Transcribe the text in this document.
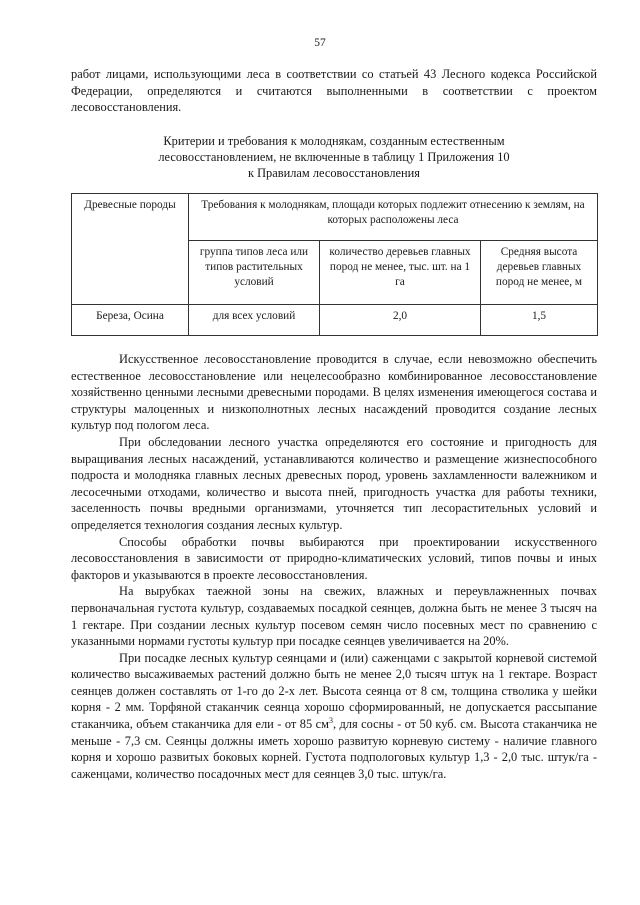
57

работ лицами, использующими леса в соответствии со статьей 43 Лесного кодекса Российской Федерации, определяются и считаются выполненными в соответствии с проектом лесовосстановления.

Критерии и требования к молоднякам, созданным естественным
лесовосстановлением, не включенные в таблицу 1 Приложения 10
к Правилам лесовосстановления
Древесные породы	Требования к молоднякам, площади которых подлежит отнесению к землям, на которых расположены леса		
	группа типов леса или типов растительных условий	количество деревьев главных пород не менее, тыс. шт. на 1 га	Средняя высота деревьев главных пород не менее, м
Береза, Осина	для всех условий	2,0	1,5

Искусственное лесовосстановление проводится в случае, если невозможно обеспечить естественное лесовосстановление или нецелесообразно комбинированное лесовосстановление хозяйственно ценными лесными древесными породами. В целях изменения имеющегося состава и структуры малоценных и низкополнотных лесных насаждений проводится создание лесных культур под пологом леса.

При обследовании лесного участка определяются его состояние и пригодность для выращивания лесных насаждений, устанавливаются количество и размещение жизнеспособного подроста и молодняка главных лесных древесных пород, уровень захламленности валежником и лесосечными отходами, количество и высота пней, пригодность участка для работы техники, заселенность почвы вредными организмами, уточняется тип лесорастительных условий и определяется технология создания лесных культур.

Способы обработки почвы выбираются при проектировании искусственного лесовосстановления в зависимости от природно-климатических условий, типов почвы и иных факторов и указываются в проекте лесовосстановления.

На вырубках таежной зоны на свежих, влажных и переувлажненных почвах первоначальная густота культур, создаваемых посадкой сеянцев, должна быть не менее 3 тысяч на 1 гектаре. При создании лесных культур посевом семян число посевных мест по сравнению с указанными нормами густоты культур при посадке сеянцев увеличивается на 20%.

При посадке лесных культур сеянцами и (или) саженцами с закрытой корневой системой количество высаживаемых растений должно быть не менее 2,0 тысяч штук на 1 гектаре. Возраст сеянцев должен составлять от 1-го до 2-х лет. Высота сеянца от 8 см, толщина стволика у шейки корня - 2 мм. Торфяной стаканчик сеянца хорошо сформированный, не допускается рассыпание стаканчика, объем стаканчика для ели - от 85 $см^3$, для сосны - от 50 куб. см. Высота стаканчика не меньше - 7,3 см. Сеянцы должны иметь хорошо развитую корневую систему - наличие главного корня и хорошо развитых боковых корней. Густота подпологовых культур 1,3 - 2,0 тыс. штук/га - саженцами, количество посадочных мест для сеянцев 3,0 тыс. штук/га.
